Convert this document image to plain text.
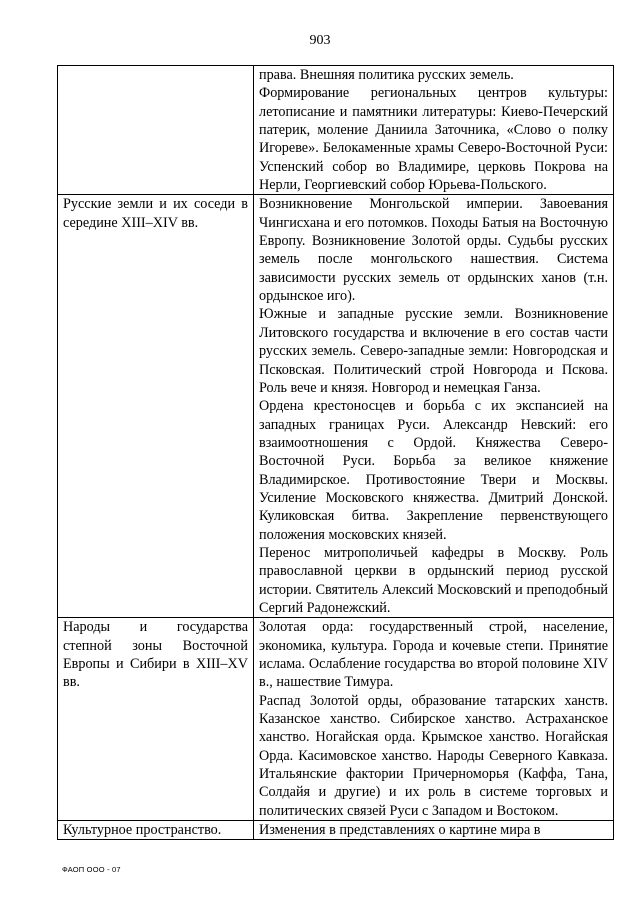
903

	права. Внешняя политика русских земель.

Формирование региональных центров культуры: летописание и памятники литературы: Киево-Печерский патерик, моление Даниила Заточника, «Слово о полку Игореве». Белокаменные храмы Северо-Восточной Руси: Успенский собор во Владимире, церковь Покрова на Нерли, Георгиевский собор Юрьева-Польского.

Русские земли и их соседи в середине XIII–XIV вв.	Возникновение Монгольской империи. Завоевания Чингисхана и его потомков. Походы Батыя на Восточную Европу. Возникновение Золотой орды. Судьбы русских земель после монгольского нашествия. Система зависимости русских земель от ордынских ханов (т.н. ордынское иго).

Южные и западные русские земли. Возникновение Литовского государства и включение в его состав части русских земель. Северо-западные земли: Новгородская и Псковская. Политический строй Новгорода и Пскова. Роль вече и князя. Новгород и немецкая Ганза.

Ордена крестоносцев и борьба с их экспансией на западных границах Руси. Александр Невский: его взаимоотношения с Ордой. Княжества Северо-Восточной Руси. Борьба за великое княжение Владимирское. Противостояние Твери и Москвы. Усиление Московского княжества. Дмитрий Донской. Куликовская битва. Закрепление первенствующего положения московских князей.

Перенос митрополичьей кафедры в Москву. Роль православной церкви в ордынский период русской истории. Святитель Алексий Московский и преподобный Сергий Радонежский.

Народы и государства степной зоны Восточной Европы и Сибири в XIII–XV вв.	Золотая орда: государственный строй, население, экономика, культура. Города и кочевые степи. Принятие ислама. Ослабление государства во второй половине XIV в., нашествие Тимура.

Распад Золотой орды, образование татарских ханств. Казанское ханство. Сибирское ханство. Астраханское ханство. Ногайская орда. Крымское ханство. Ногайская Орда. Касимовское ханство. Народы Северного Кавказа. Итальянские фактории Причерноморья (Каффа, Тана, Солдайя и другие) и их роль в системе торговых и политических связей Руси с Западом и Востоком.

Культурное пространство.	Изменения в представлениях о картине мира в

ФАОП ООО - 07
